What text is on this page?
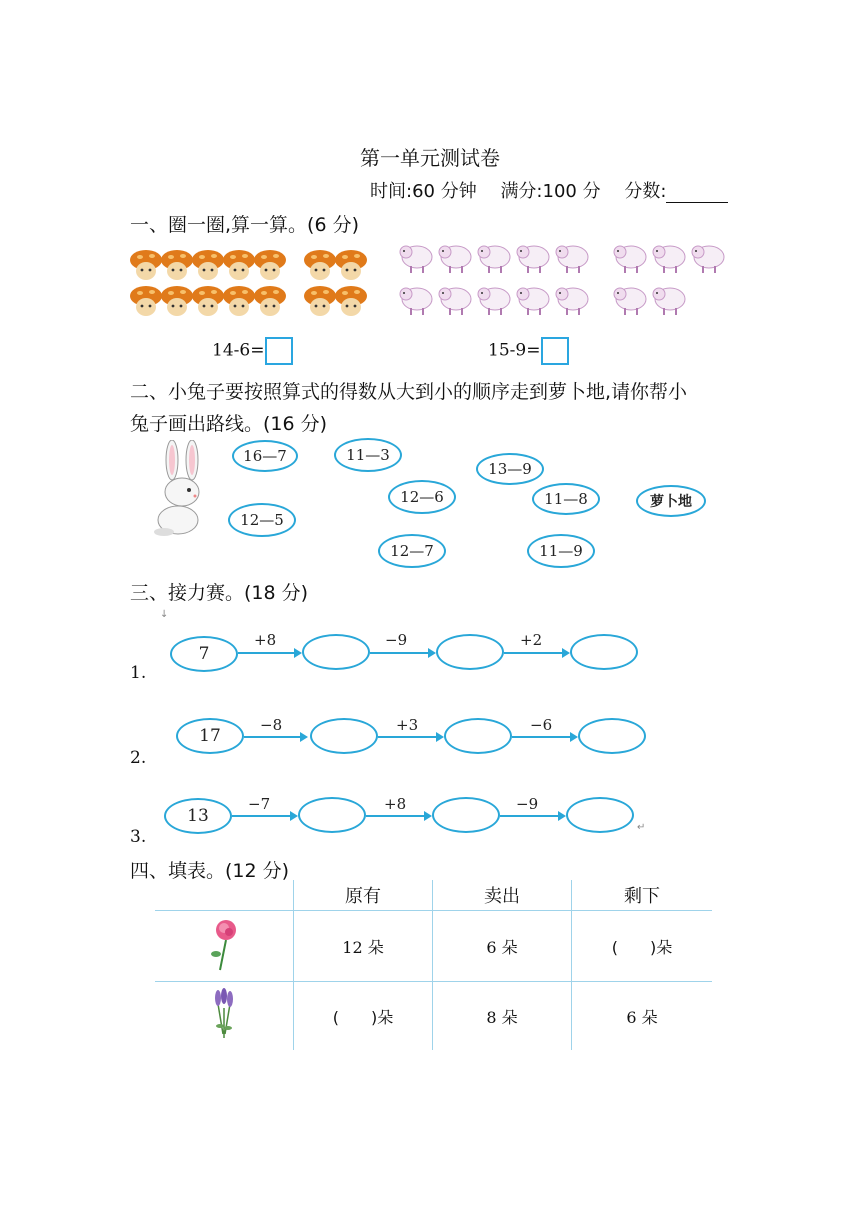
第一单元测试卷
时间:60 分钟 满分:100 分 分数:
一、圈一圈,算一算。(6 分)
14-6=	15-9=
二、小兔子要按照算式的得数从大到小的顺序走到萝卜地,请你帮小
兔子画出路线。(16 分)
16—7	11—3
13—9
12—6	11—8
12—5
12—7	11—9
萝卜地
三、接力赛。(18 分)
↓
1.
7
+8	−9	+2
2.
17
−8	+3	−6
3.
13
−7	+8	−9
↵
四、填表。(12 分)
	原有	卖出	剩下
	12 朵	6 朵	(　　)朵
	(　　)朵	8 朵	6 朵
